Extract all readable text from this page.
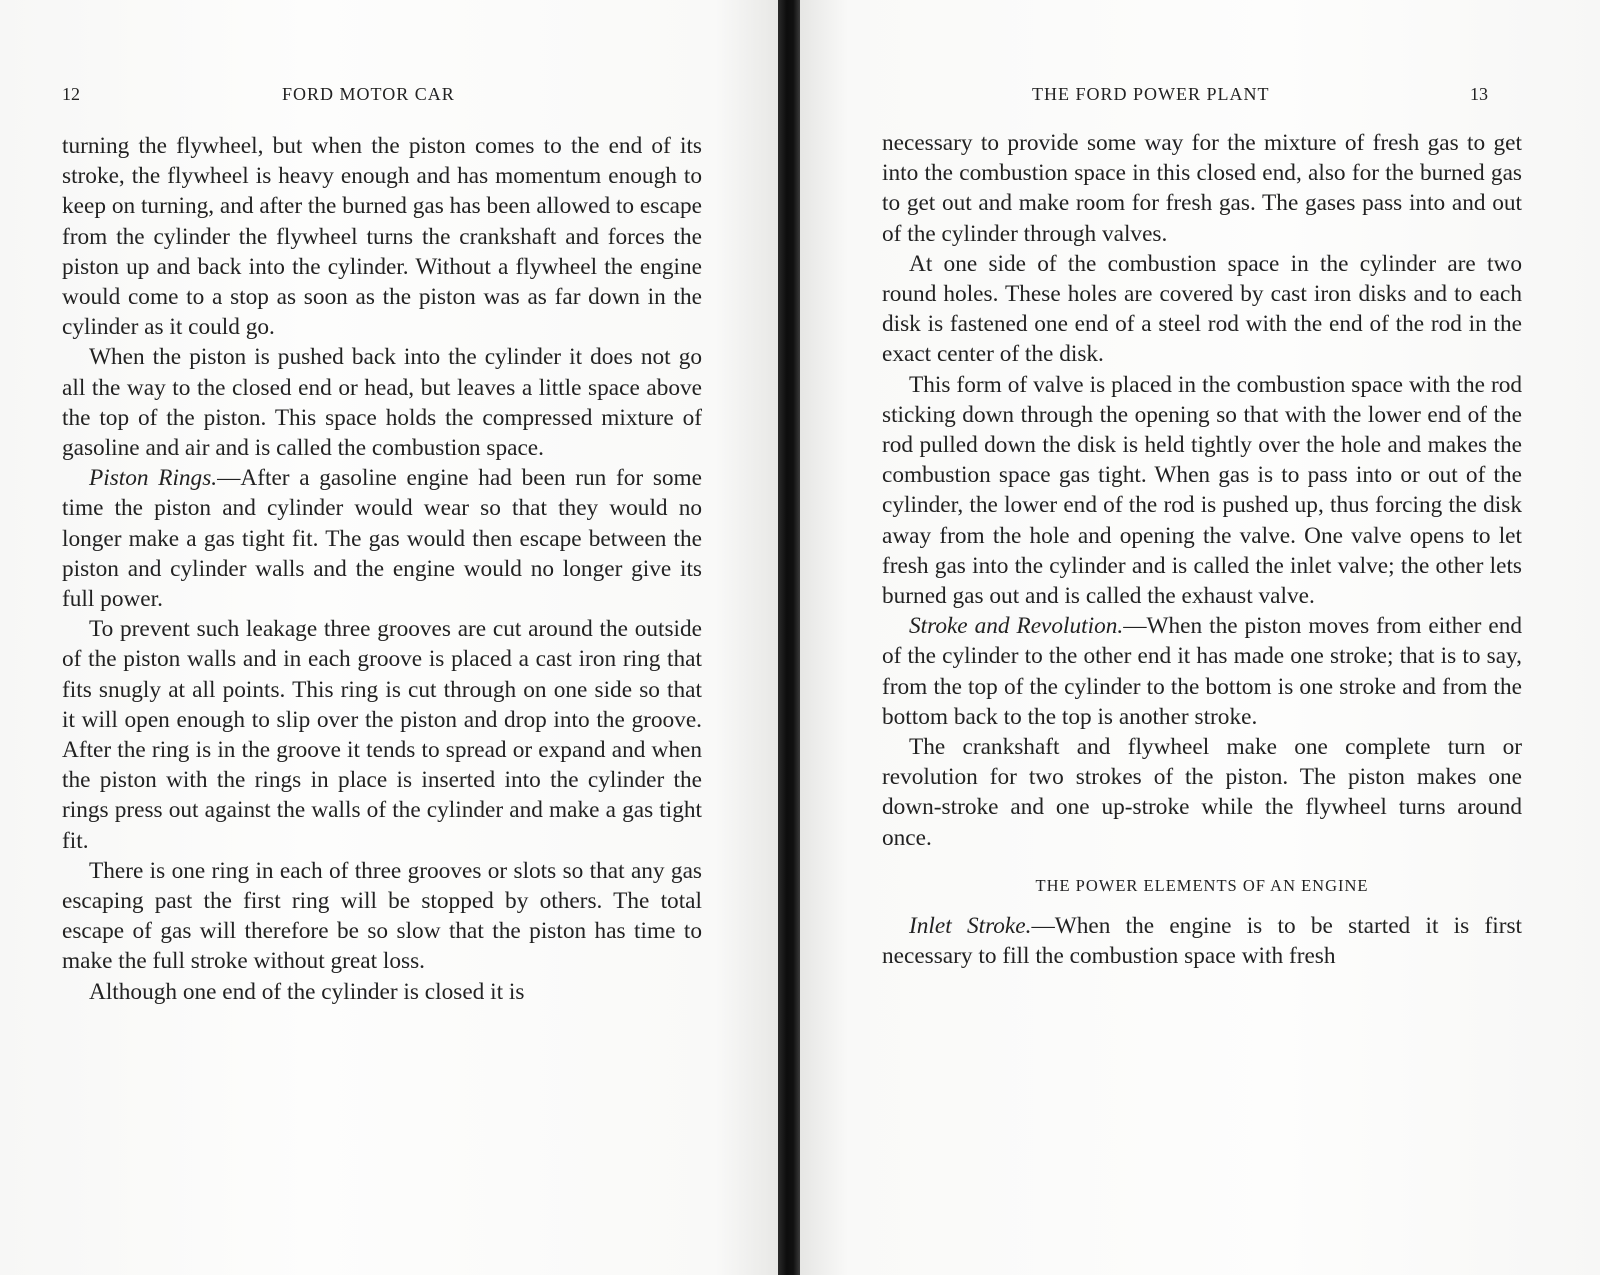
12	FORD MOTOR CAR

turning the flywheel, but when the piston comes to the end of its stroke, the flywheel is heavy enough and has momentum enough to keep on turning, and after the burned gas has been allowed to escape from the cylinder the flywheel turns the crankshaft and forces the piston up and back into the cylinder. Without a flywheel the engine would come to a stop as soon as the piston was as far down in the cylinder as it could go.

When the piston is pushed back into the cylinder it does not go all the way to the closed end or head, but leaves a little space above the top of the piston. This space holds the compressed mixture of gasoline and air and is called the combustion space.

Piston Rings.—After a gasoline engine had been run for some time the piston and cylinder would wear so that they would no longer make a gas tight fit. The gas would then escape between the piston and cylinder walls and the engine would no longer give its full power.

To prevent such leakage three grooves are cut around the outside of the piston walls and in each groove is placed a cast iron ring that fits snugly at all points. This ring is cut through on one side so that it will open enough to slip over the piston and drop into the groove. After the ring is in the groove it tends to spread or expand and when the piston with the rings in place is inserted into the cylinder the rings press out against the walls of the cylinder and make a gas tight fit.

There is one ring in each of three grooves or slots so that any gas escaping past the first ring will be stopped by others. The total escape of gas will therefore be so slow that the piston has time to make the full stroke without great loss.

Although one end of the cylinder is closed it is

THE FORD POWER PLANT	13

necessary to provide some way for the mixture of fresh gas to get into the combustion space in this closed end, also for the burned gas to get out and make room for fresh gas. The gases pass into and out of the cylinder through valves.

At one side of the combustion space in the cylinder are two round holes. These holes are covered by cast iron disks and to each disk is fastened one end of a steel rod with the end of the rod in the exact center of the disk.

This form of valve is placed in the combustion space with the rod sticking down through the opening so that with the lower end of the rod pulled down the disk is held tightly over the hole and makes the combustion space gas tight. When gas is to pass into or out of the cylinder, the lower end of the rod is pushed up, thus forcing the disk away from the hole and opening the valve. One valve opens to let fresh gas into the cylinder and is called the inlet valve; the other lets burned gas out and is called the exhaust valve.

Stroke and Revolution.—When the piston moves from either end of the cylinder to the other end it has made one stroke; that is to say, from the top of the cylinder to the bottom is one stroke and from the bottom back to the top is another stroke.

The crankshaft and flywheel make one complete turn or revolution for two strokes of the piston. The piston makes one down-stroke and one up-stroke while the flywheel turns around once.

THE POWER ELEMENTS OF AN ENGINE

Inlet Stroke.—When the engine is to be started it is first necessary to fill the combustion space with fresh
